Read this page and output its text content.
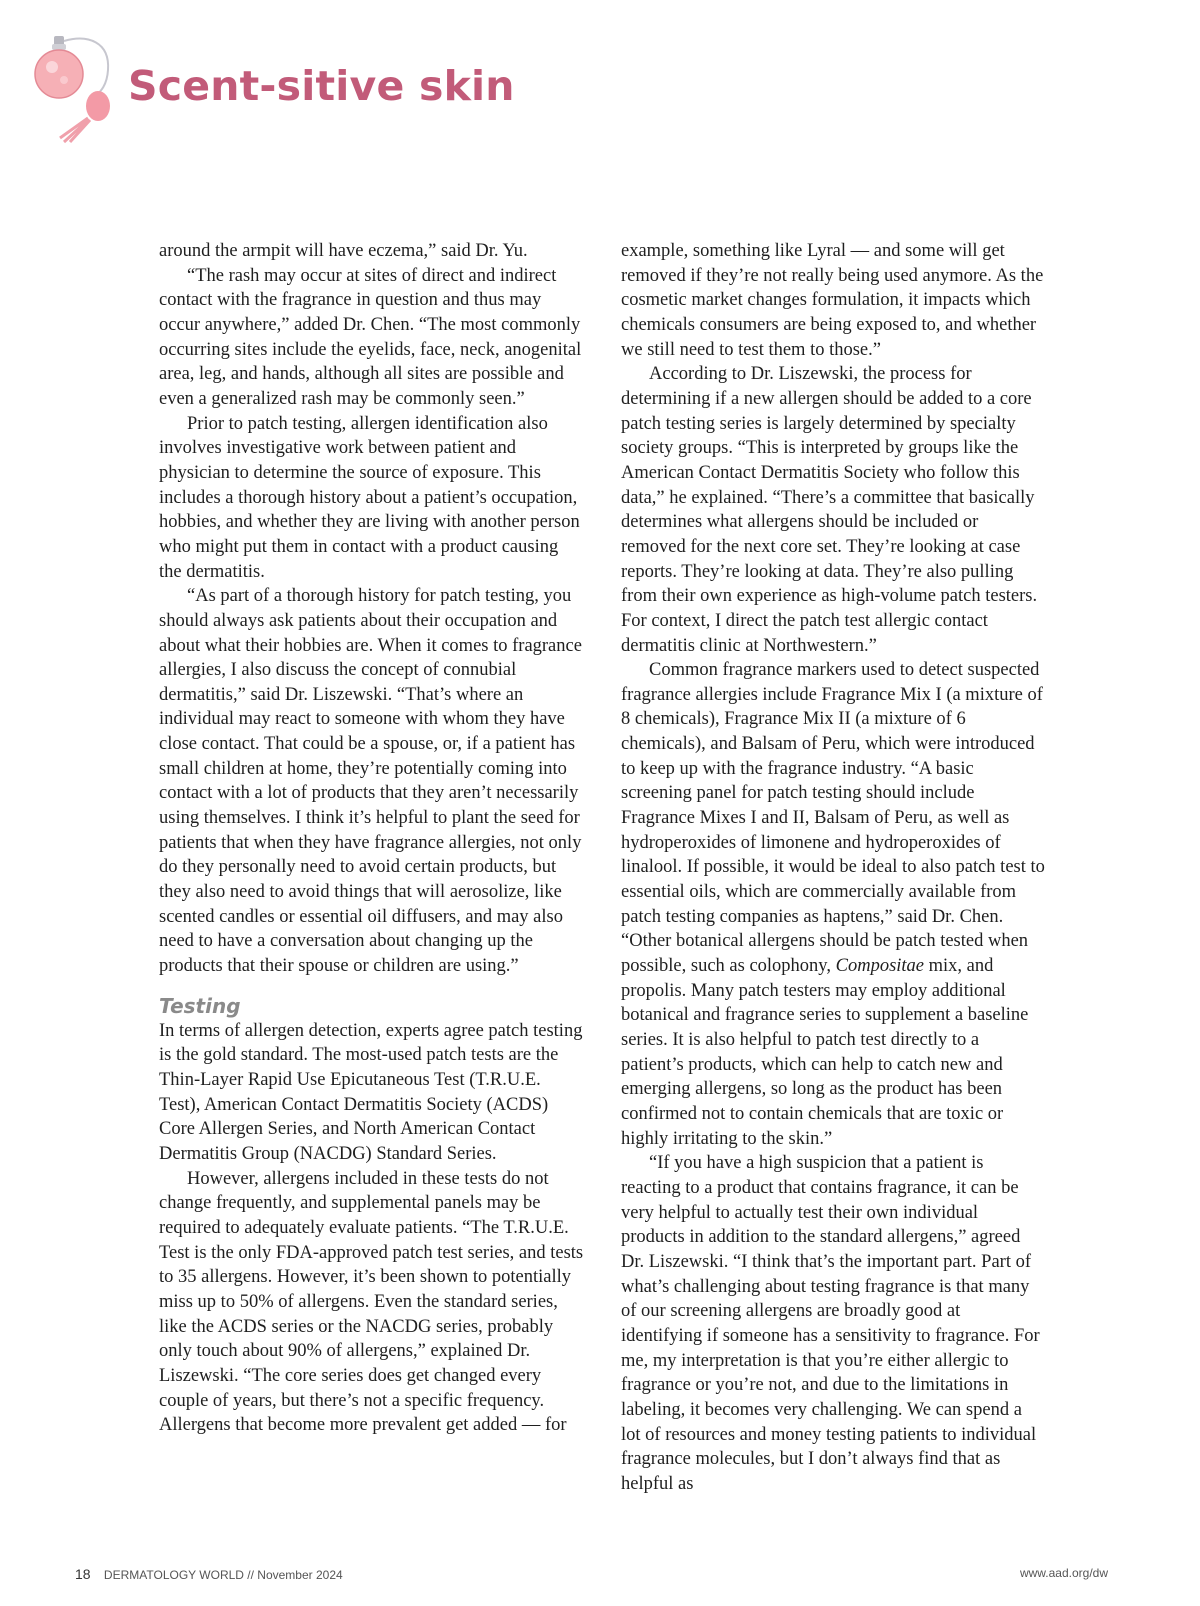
Scent-sitive skin

around the armpit will have eczema,” said Dr. Yu.

“The rash may occur at sites of direct and indirect contact with the fragrance in question and thus may occur anywhere,” added Dr. Chen. “The most commonly occurring sites include the eyelids, face, neck, anogenital area, leg, and hands, although all sites are possible and even a generalized rash may be commonly seen.”

Prior to patch testing, allergen identification also involves investigative work between patient and physician to determine the source of exposure. This includes a thorough history about a patient’s occupation, hobbies, and whether they are living with another person who might put them in contact with a product causing the dermatitis.

“As part of a thorough history for patch testing, you should always ask patients about their occupation and about what their hobbies are. When it comes to fragrance allergies, I also discuss the concept of connubial dermatitis,” said Dr. Liszewski. “That’s where an individual may react to someone with whom they have close contact. That could be a spouse, or, if a patient has small children at home, they’re potentially coming into contact with a lot of products that they aren’t necessarily using themselves. I think it’s helpful to plant the seed for patients that when they have fragrance allergies, not only do they personally need to avoid certain products, but they also need to avoid things that will aerosolize, like scented candles or essential oil diffusers, and may also need to have a conversation about changing up the products that their spouse or children are using.”

Testing

In terms of allergen detection, experts agree patch testing is the gold standard. The most-used patch tests are the Thin-Layer Rapid Use Epicutaneous Test (T.R.U.E. Test), American Contact Dermatitis Society (ACDS) Core Allergen Series, and North American Contact Dermatitis Group (NACDG) Standard Series.

However, allergens included in these tests do not change frequently, and supplemental panels may be required to adequately evaluate patients. “The T.R.U.E. Test is the only FDA-approved patch test series, and tests to 35 allergens. However, it’s been shown to potentially miss up to 50% of allergens. Even the standard series, like the ACDS series or the NACDG series, probably only touch about 90% of allergens,” explained Dr. Liszewski. “The core series does get changed every couple of years, but there’s not a specific frequency. Allergens that become more prevalent get added — for

example, something like Lyral — and some will get removed if they’re not really being used anymore. As the cosmetic market changes formulation, it impacts which chemicals consumers are being exposed to, and whether we still need to test them to those.”

According to Dr. Liszewski, the process for determining if a new allergen should be added to a core patch testing series is largely determined by specialty society groups. “This is interpreted by groups like the American Contact Dermatitis Society who follow this data,” he explained. “There’s a committee that basically determines what allergens should be included or removed for the next core set. They’re looking at case reports. They’re looking at data. They’re also pulling from their own experience as high-volume patch testers. For context, I direct the patch test allergic contact dermatitis clinic at Northwestern.”

Common fragrance markers used to detect suspected fragrance allergies include Fragrance Mix I (a mixture of 8 chemicals), Fragrance Mix II (a mixture of 6 chemicals), and Balsam of Peru, which were introduced to keep up with the fragrance industry. “A basic screening panel for patch testing should include Fragrance Mixes I and II, Balsam of Peru, as well as hydroperoxides of limonene and hydroperoxides of linalool. If possible, it would be ideal to also patch test to essential oils, which are commercially available from patch testing companies as haptens,” said Dr. Chen. “Other botanical allergens should be patch tested when possible, such as colophony, Compositae mix, and propolis. Many patch testers may employ additional botanical and fragrance series to supplement a baseline series. It is also helpful to patch test directly to a patient’s products, which can help to catch new and emerging allergens, so long as the product has been confirmed not to contain chemicals that are toxic or highly irritating to the skin.”

“If you have a high suspicion that a patient is reacting to a product that contains fragrance, it can be very helpful to actually test their own individual products in addition to the standard allergens,” agreed Dr. Liszewski. “I think that’s the important part. Part of what’s challenging about testing fragrance is that many of our screening allergens are broadly good at identifying if someone has a sensitivity to fragrance. For me, my interpretation is that you’re either allergic to fragrance or you’re not, and due to the limitations in labeling, it becomes very challenging. We can spend a lot of resources and money testing patients to individual fragrance molecules, but I don’t always find that as helpful as

18 DERMATOLOGY WORLD // November 2024	www.aad.org/dw
